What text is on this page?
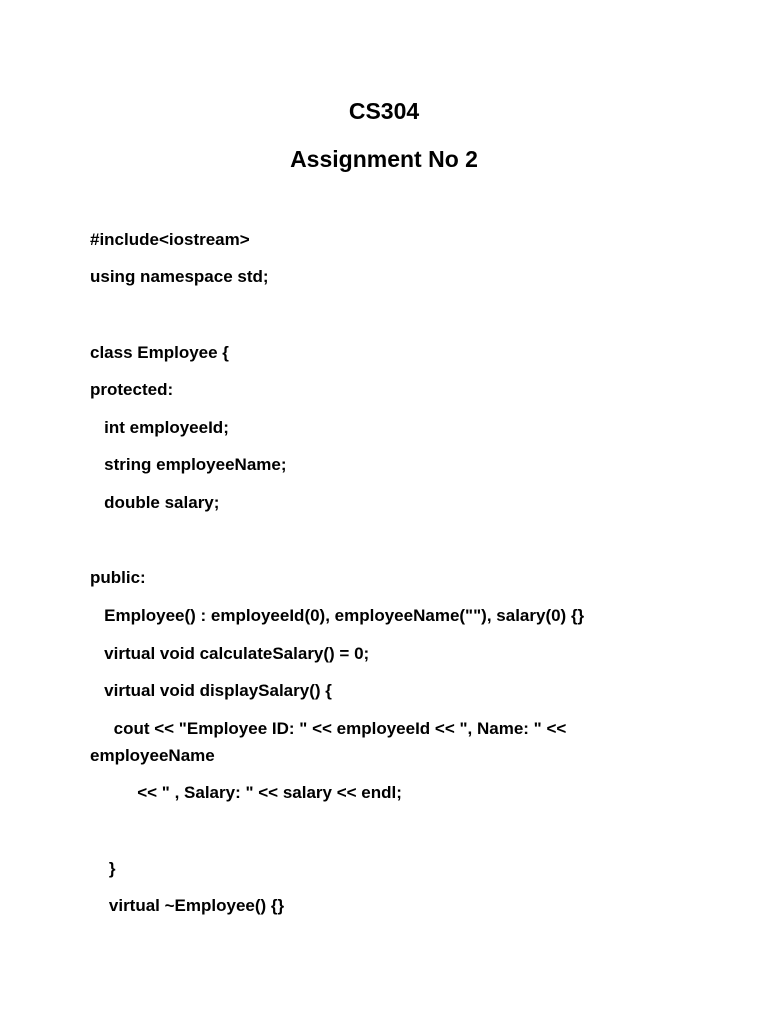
CS304
Assignment No 2
#include<iostream>
using namespace std;
class Employee {
protected:
int employeeId;
string employeeName;
double salary;
public:
Employee() : employeeId(0), employeeName(""), salary(0) {}
virtual void calculateSalary() = 0;
virtual void displaySalary() {
cout << "Employee ID: " << employeeId << ", Name: " <<
employeeName
<< " , Salary: " << salary << endl;
}
virtual ~Employee() {}
